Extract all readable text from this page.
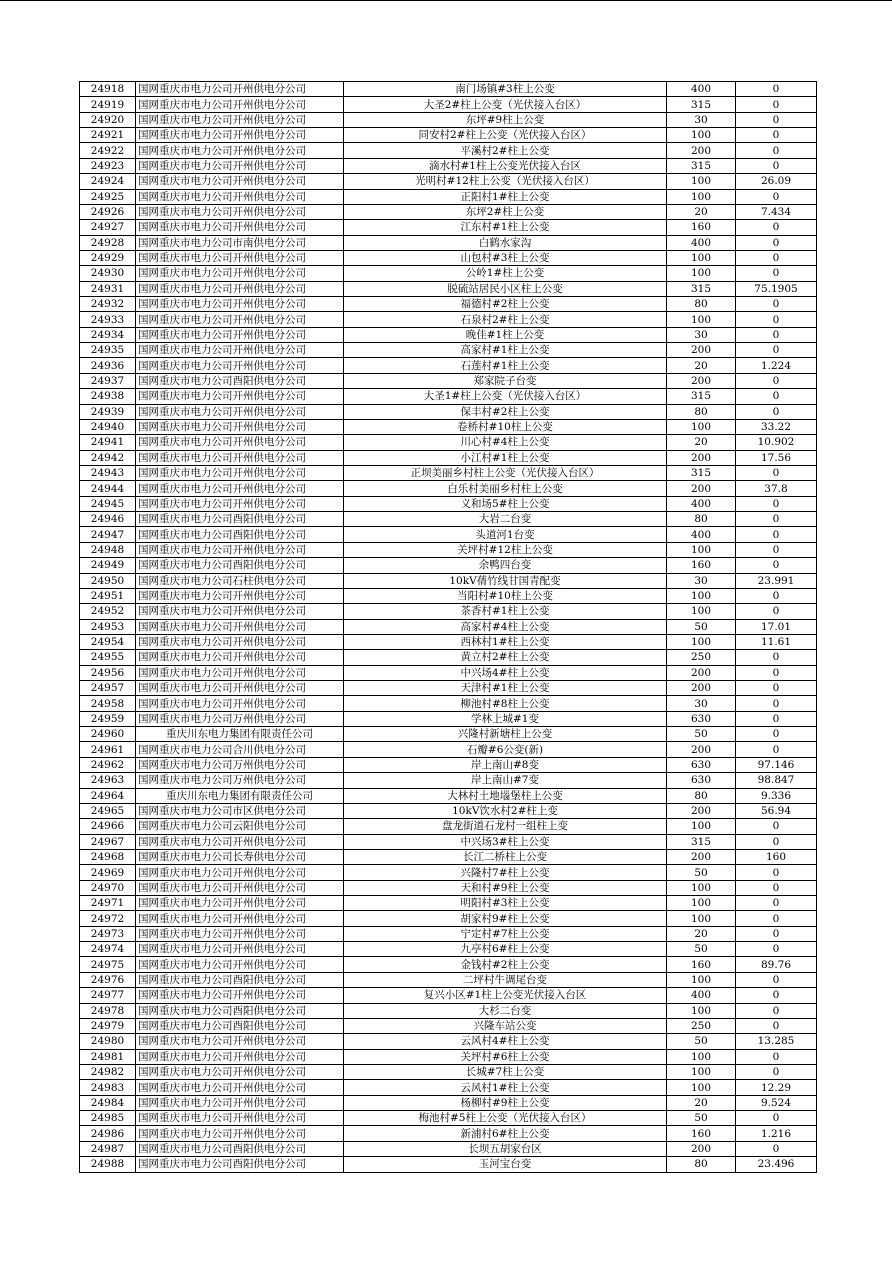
24918	国网重庆市电力公司开州供电分公司	南门场镇#3柱上公变	400	0
24919	国网重庆市电力公司开州供电分公司	大圣2#柱上公变（光伏接入台区）	315	0
24920	国网重庆市电力公司开州供电分公司	东坪#9柱上公变	30	0
24921	国网重庆市电力公司开州供电分公司	同安村2#柱上公变（光伏接入台区）	100	0
24922	国网重庆市电力公司开州供电分公司	平溪村2#柱上公变	200	0
24923	国网重庆市电力公司开州供电分公司	滴水村#1柱上公变光伏接入台区	315	0
24924	国网重庆市电力公司开州供电分公司	光明村#12柱上公变（光伏接入台区）	100	26.09
24925	国网重庆市电力公司开州供电分公司	正阳村1#柱上公变	100	0
24926	国网重庆市电力公司开州供电分公司	东坪2#柱上公变	20	7.434
24927	国网重庆市电力公司开州供电分公司	江东村#1柱上公变	160	0
24928	国网重庆市电力公司市南供电分公司	白鹤水家沟	400	0
24929	国网重庆市电力公司开州供电分公司	山包村#3柱上公变	100	0
24930	国网重庆市电力公司开州供电分公司	公岭1#柱上公变	100	0
24931	国网重庆市电力公司开州供电分公司	脱硫站居民小区柱上公变	315	75.1905
24932	国网重庆市电力公司开州供电分公司	福德村#2柱上公变	80	0
24933	国网重庆市电力公司开州供电分公司	石泉村2#柱上公变	100	0
24934	国网重庆市电力公司开州供电分公司	晚佳#1柱上公变	30	0
24935	国网重庆市电力公司开州供电分公司	高家村#1柱上公变	200	0
24936	国网重庆市电力公司开州供电分公司	石莲村#1柱上公变	20	1.224
24937	国网重庆市电力公司酉阳供电分公司	郑家院子台变	200	0
24938	国网重庆市电力公司开州供电分公司	大圣1#柱上公变（光伏接入台区）	315	0
24939	国网重庆市电力公司开州供电分公司	保丰村#2柱上公变	80	0
24940	国网重庆市电力公司开州供电分公司	卷桥村#10柱上公变	100	33.22
24941	国网重庆市电力公司开州供电分公司	川心村#4柱上公变	20	10.902
24942	国网重庆市电力公司开州供电分公司	小江村#1柱上公变	200	17.56
24943	国网重庆市电力公司开州供电分公司	正坝美丽乡村柱上公变（光伏接入台区）	315	0
24944	国网重庆市电力公司开州供电分公司	白乐村美丽乡村柱上公变	200	37.8
24945	国网重庆市电力公司开州供电分公司	义和场5#柱上公变	400	0
24946	国网重庆市电力公司酉阳供电分公司	大岩二台变	80	0
24947	国网重庆市电力公司酉阳供电分公司	头道河1台变	400	0
24948	国网重庆市电力公司开州供电分公司	关坪村#12柱上公变	100	0
24949	国网重庆市电力公司酉阳供电分公司	余鸭四台变	160	0
24950	国网重庆市电力公司石柱供电分公司	10kV蒨竹线甘国青配变	30	23.991
24951	国网重庆市电力公司开州供电分公司	当阳村#10柱上公变	100	0
24952	国网重庆市电力公司开州供电分公司	茶香村#1柱上公变	100	0
24953	国网重庆市电力公司开州供电分公司	高家村#4柱上公变	50	17.01
24954	国网重庆市电力公司开州供电分公司	西林村1#柱上公变	100	11.61
24955	国网重庆市电力公司开州供电分公司	黄立村2#柱上公变	250	0
24956	国网重庆市电力公司开州供电分公司	中兴场4#柱上公变	200	0
24957	国网重庆市电力公司开州供电分公司	天津村#1柱上公变	200	0
24958	国网重庆市电力公司开州供电分公司	柳池村#8柱上公变	30	0
24959	国网重庆市电力公司万州供电分公司	学林上城#1变	630	0
24960	重庆川东电力集团有限责任公司	兴隆村新塘柱上公变	50	0
24961	国网重庆市电力公司合川供电分公司	石瓣#6公变(新)	200	0
24962	国网重庆市电力公司万州供电分公司	岸上南山#8变	630	97.146
24963	国网重庆市电力公司万州供电分公司	岸上南山#7变	630	98.847
24964	重庆川东电力集团有限责任公司	大林村土地堖堡柱上公变	80	9.336
24965	国网重庆市电力公司市区供电分公司	10kV饮水村2#柱上变	200	56.94
24966	国网重庆市电力公司云阳供电分公司	盘龙街道石龙村一组柱上变	100	0
24967	国网重庆市电力公司开州供电分公司	中兴场3#柱上公变	315	0
24968	国网重庆市电力公司长寿供电分公司	长江二桥柱上公变	200	160
24969	国网重庆市电力公司开州供电分公司	兴隆村7#柱上公变	50	0
24970	国网重庆市电力公司开州供电分公司	天和村#9柱上公变	100	0
24971	国网重庆市电力公司开州供电分公司	明阳村#3柱上公变	100	0
24972	国网重庆市电力公司开州供电分公司	胡家村9#柱上公变	100	0
24973	国网重庆市电力公司开州供电分公司	宁定村#7柱上公变	20	0
24974	国网重庆市电力公司开州供电分公司	九亭村6#柱上公变	50	0
24975	国网重庆市电力公司开州供电分公司	金钱村#2柱上公变	160	89.76
24976	国网重庆市电力公司酉阳供电分公司	二坪村牛调尾台变	100	0
24977	国网重庆市电力公司开州供电分公司	复兴小区#1柱上公变光伏接入台区	400	0
24978	国网重庆市电力公司酉阳供电分公司	大杉二台变	100	0
24979	国网重庆市电力公司酉阳供电分公司	兴隆车站公变	250	0
24980	国网重庆市电力公司开州供电分公司	云风村4#柱上公变	50	13.285
24981	国网重庆市电力公司开州供电分公司	关坪村#6柱上公变	100	0
24982	国网重庆市电力公司开州供电分公司	长城#7柱上公变	100	0
24983	国网重庆市电力公司开州供电分公司	云风村1#柱上公变	100	12.29
24984	国网重庆市电力公司开州供电分公司	杨柳村#9柱上公变	20	9.524
24985	国网重庆市电力公司开州供电分公司	梅池村#5柱上公变（光伏接入台区）	50	0
24986	国网重庆市电力公司开州供电分公司	新浦村6#柱上公变	160	1.216
24987	国网重庆市电力公司酉阳供电分公司	长坝五胡家台区	200	0
24988	国网重庆市电力公司酉阳供电分公司	玉河宝台变	80	23.496
